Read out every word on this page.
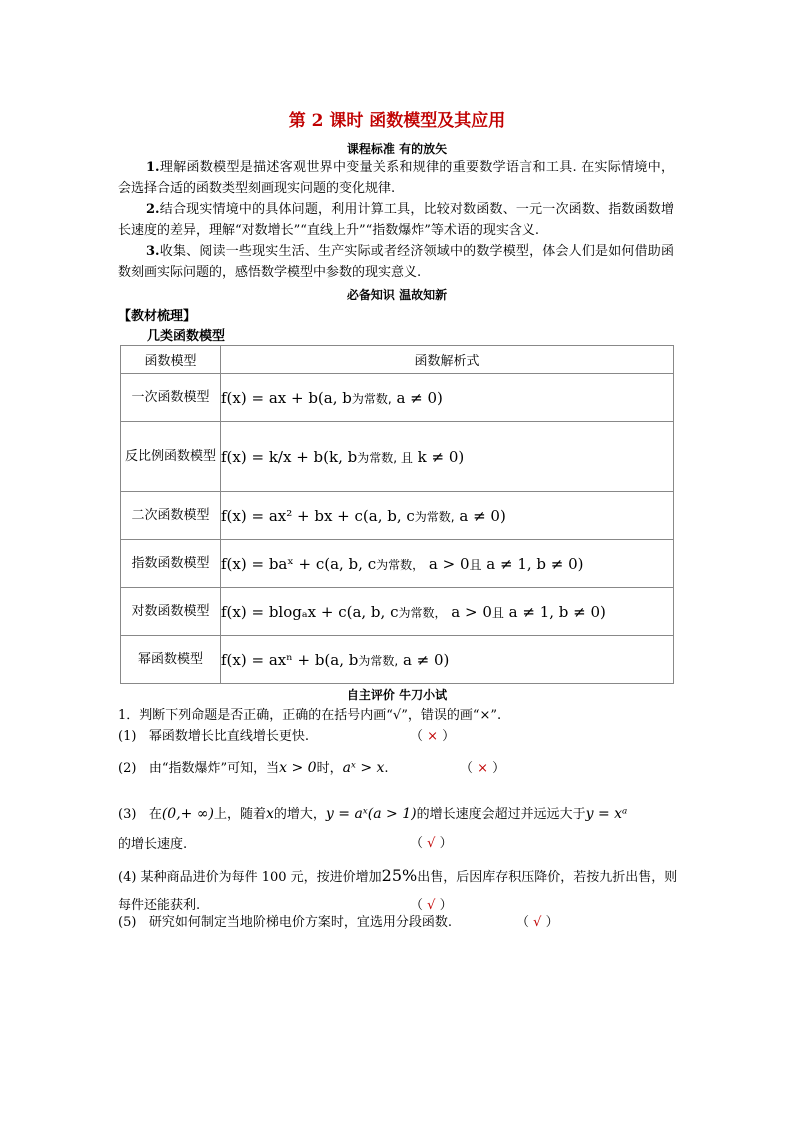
第 2 课时 函数模型及其应用
课程标准 有的放矢
1.理解函数模型是描述客观世界中变量关系和规律的重要数学语言和工具. 在实际情境中，会选择合适的函数类型刻画现实问题的变化规律.
2.结合现实情境中的具体问题，利用计算工具，比较对数函数、一元一次函数、指数函数增长速度的差异，理解“对数增长”“直线上升”“指数爆炸”等术语的现实含义.
3.收集、阅读一些现实生活、生产实际或者经济领域中的数学模型，体会人们是如何借助函数刻画实际问题的，感悟数学模型中参数的现实意义.
必备知识 温故知新
【教材梳理】
几类函数模型
函数模型	函数解析式
一次函数模型	f(x) = ax + b(a, b为常数, a ≠ 0)
反比例函数模型	f(x) = k/x + b(k, b为常数, 且 k ≠ 0)
二次函数模型	f(x) = ax² + bx + c(a, b, c为常数, a ≠ 0)
指数函数模型	f(x) = baˣ + c(a, b, c为常数， a > 0且 a ≠ 1, b ≠ 0)
对数函数模型	f(x) = blogₐx + c(a, b, c为常数， a > 0且 a ≠ 1, b ≠ 0)
幂函数模型	f(x) = axⁿ + b(a, b为常数, a ≠ 0)
自主评价 牛刀小试
1．判断下列命题是否正确，正确的在括号内画“√”，错误的画“×”.
(1) 幂函数增长比直线增长更快.	（ × ）
(2) 由“指数爆炸”可知，当x > 0时，aˣ > x.	（ × ）
(3) 在(0,+ ∞)上，随着x的增大，y = aˣ(a > 1)的增长速度会超过并远远大于y = xᵃ
的增长速度.	（ √ ）
(4) 某种商品进价为每件 100 元，按进价增加25%出售，后因库存积压降价，若按九折出售，则每件还能获利.	（ √ ）
(5) 研究如何制定当地阶梯电价方案时，宜选用分段函数.	（ √ ）
